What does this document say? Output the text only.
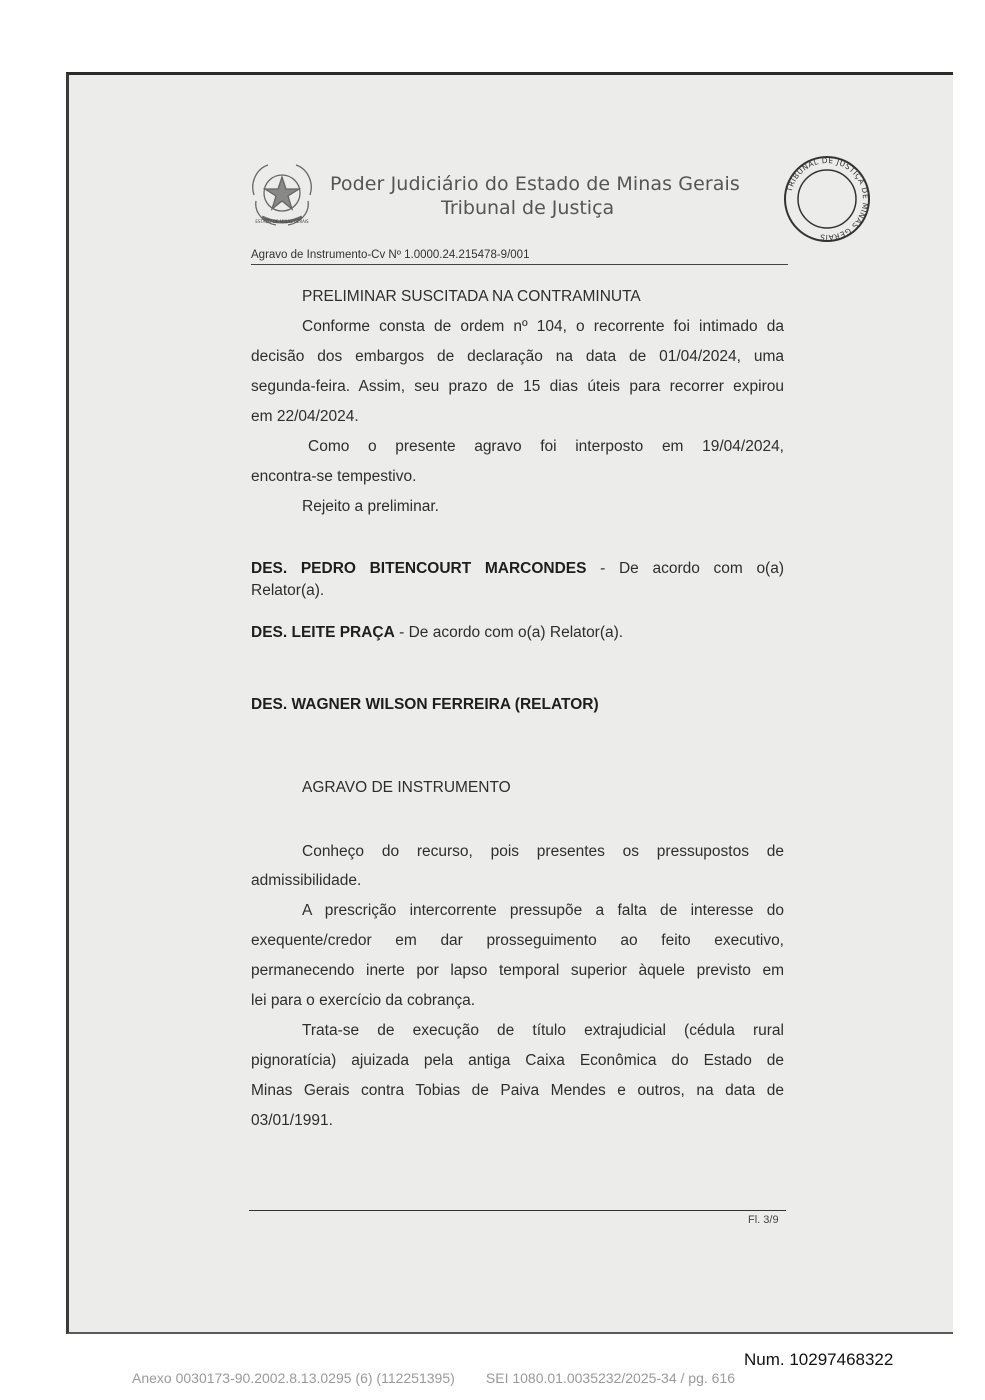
ESTADO DE MINAS GERAIS
Poder Judiciário do Estado de Minas Gerais
Tribunal de Justiça
TRIBUNAL DE JUSTIÇA DE MINAS GERAIS
Agravo de Instrumento-Cv Nº 1.0000.24.215478-9/001
PRELIMINAR SUSCITADA NA CONTRAMINUTA
Conforme consta de ordem nº 104, o recorrente foi intimado da
decisão dos embargos de declaração na data de 01/04/2024, uma
segunda-feira. Assim, seu prazo de 15 dias úteis para recorrer expirou
em 22/04/2024.
Como o presente agravo foi interposto em 19/04/2024,
encontra-se tempestivo.
Rejeito a preliminar.
DES. PEDRO BITENCOURT MARCONDES - De acordo com o(a)
Relator(a).
DES. LEITE PRAÇA - De acordo com o(a) Relator(a).
DES. WAGNER WILSON FERREIRA (RELATOR)
AGRAVO DE INSTRUMENTO
Conheço do recurso, pois presentes os pressupostos de
admissibilidade.
A prescrição intercorrente pressupõe a falta de interesse do
exequente/credor em dar prosseguimento ao feito executivo,
permanecendo inerte por lapso temporal superior àquele previsto em
lei para o exercício da cobrança.
Trata-se de execução de título extrajudicial (cédula rural
pignoratícia) ajuizada pela antiga Caixa Econômica do Estado de
Minas Gerais contra Tobias de Paiva Mendes e outros, na data de
03/01/1991.
Fl. 3/9
Num. 10297468322
Anexo 0030173-90.2002.8.13.0295 (6) (112251395)        SEI 1080.01.0035232/2025-34 / pg. 616
